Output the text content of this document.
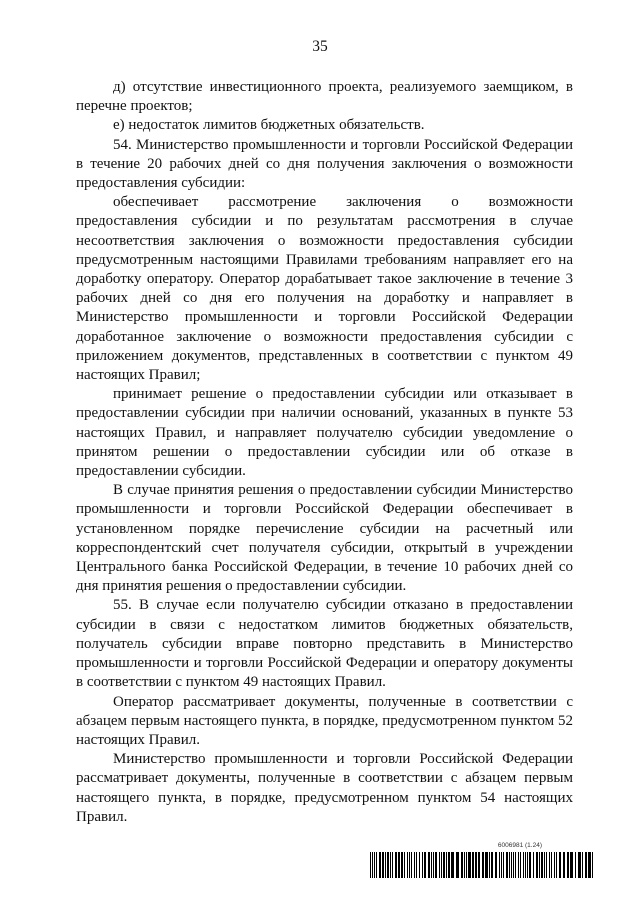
35

д) отсутствие инвестиционного проекта, реализуемого заемщиком, в перечне проектов;

е) недостаток лимитов бюджетных обязательств.

54. Министерство промышленности и торговли Российской Федерации в течение 20 рабочих дней со дня получения заключения о возможности предоставления субсидии:

обеспечивает рассмотрение заключения о возможности предоставления субсидии и по результатам рассмотрения в случае несоответствия заключения о возможности предоставления субсидии предусмотренным настоящими Правилами требованиям направляет его на доработку оператору. Оператор дорабатывает такое заключение в течение 3 рабочих дней со дня его получения на доработку и направляет в Министерство промышленности и торговли Российской Федерации доработанное заключение о возможности предоставления субсидии с приложением документов, представленных в соответствии с пунктом 49 настоящих Правил;

принимает решение о предоставлении субсидии или отказывает в предоставлении субсидии при наличии оснований, указанных в пункте 53 настоящих Правил, и направляет получателю субсидии уведомление о принятом решении о предоставлении субсидии или об отказе в предоставлении субсидии.

В случае принятия решения о предоставлении субсидии Министерство промышленности и торговли Российской Федерации обеспечивает в установленном порядке перечисление субсидии на расчетный или корреспондентский счет получателя субсидии, открытый в учреждении Центрального банка Российской Федерации, в течение 10 рабочих дней со дня принятия решения о предоставлении субсидии.

55. В случае если получателю субсидии отказано в предоставлении субсидии в связи с недостатком лимитов бюджетных обязательств, получатель субсидии вправе повторно представить в Министерство промышленности и торговли Российской Федерации и оператору документы в соответствии с пунктом 49 настоящих Правил.

Оператор рассматривает документы, полученные в соответствии с абзацем первым настоящего пункта, в порядке, предусмотренном пунктом 52 настоящих Правил.

Министерство промышленности и торговли Российской Федерации рассматривает документы, полученные в соответствии с абзацем первым настоящего пункта, в порядке, предусмотренном пунктом 54 настоящих Правил.

6006981 (1.24)
